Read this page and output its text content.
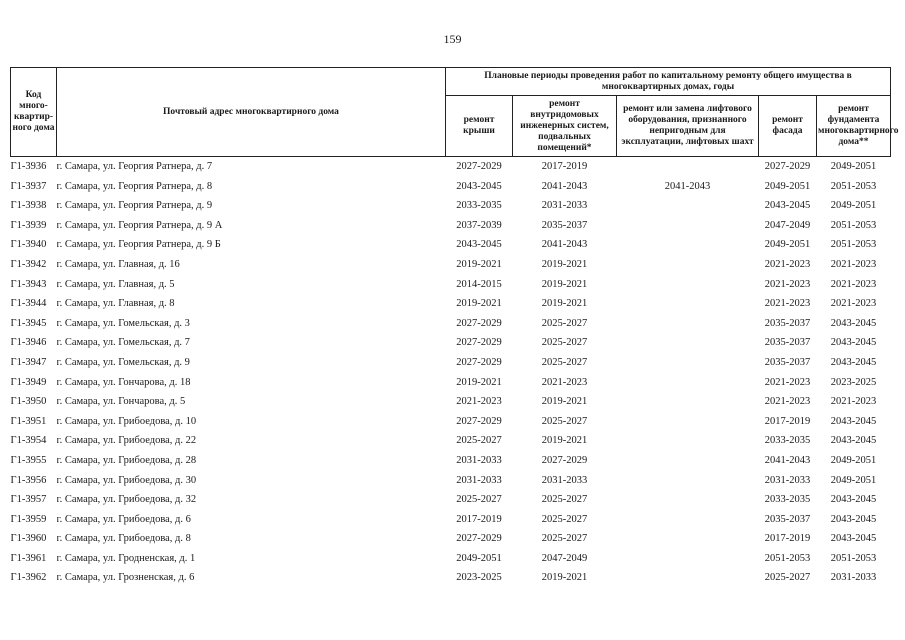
159
Код много-квартир-ного дома	Почтовый адрес многоквартирного дома	Плановые периоды проведения работ по капитальному ремонту общего имущества в многоквартирных домах, годы				
		ремонт крыши	ремонт внутридомовых инженерных систем, подвальных помещений*	ремонт или замена лифтового оборудования, признанного непригодным для эксплуатации, лифтовых шахт	ремонт фасада	ремонт фундамента многоквартирного дома**
Г1-3936	г. Самара, ул. Георгия Ратнера, д. 7	2027-2029	2017-2019		2027-2029	2049-2051
Г1-3937	г. Самара, ул. Георгия Ратнера, д. 8	2043-2045	2041-2043	2041-2043	2049-2051	2051-2053
Г1-3938	г. Самара, ул. Георгия Ратнера, д. 9	2033-2035	2031-2033		2043-2045	2049-2051
Г1-3939	г. Самара, ул. Георгия Ратнера, д. 9 А	2037-2039	2035-2037		2047-2049	2051-2053
Г1-3940	г. Самара, ул. Георгия Ратнера, д. 9 Б	2043-2045	2041-2043		2049-2051	2051-2053
Г1-3942	г. Самара, ул. Главная, д. 16	2019-2021	2019-2021		2021-2023	2021-2023
Г1-3943	г. Самара, ул. Главная, д. 5	2014-2015	2019-2021		2021-2023	2021-2023
Г1-3944	г. Самара, ул. Главная, д. 8	2019-2021	2019-2021		2021-2023	2021-2023
Г1-3945	г. Самара, ул. Гомельская, д. 3	2027-2029	2025-2027		2035-2037	2043-2045
Г1-3946	г. Самара, ул. Гомельская, д. 7	2027-2029	2025-2027		2035-2037	2043-2045
Г1-3947	г. Самара, ул. Гомельская, д. 9	2027-2029	2025-2027		2035-2037	2043-2045
Г1-3949	г. Самара, ул. Гончарова, д. 18	2019-2021	2021-2023		2021-2023	2023-2025
Г1-3950	г. Самара, ул. Гончарова, д. 5	2021-2023	2019-2021		2021-2023	2021-2023
Г1-3951	г. Самара, ул. Грибоедова, д. 10	2027-2029	2025-2027		2017-2019	2043-2045
Г1-3954	г. Самара, ул. Грибоедова, д. 22	2025-2027	2019-2021		2033-2035	2043-2045
Г1-3955	г. Самара, ул. Грибоедова, д. 28	2031-2033	2027-2029		2041-2043	2049-2051
Г1-3956	г. Самара, ул. Грибоедова, д. 30	2031-2033	2031-2033		2031-2033	2049-2051
Г1-3957	г. Самара, ул. Грибоедова, д. 32	2025-2027	2025-2027		2033-2035	2043-2045
Г1-3959	г. Самара, ул. Грибоедова, д. 6	2017-2019	2025-2027		2035-2037	2043-2045
Г1-3960	г. Самара, ул. Грибоедова, д. 8	2027-2029	2025-2027		2017-2019	2043-2045
Г1-3961	г. Самара, ул. Гродненская, д. 1	2049-2051	2047-2049		2051-2053	2051-2053
Г1-3962	г. Самара, ул. Грозненская, д. 6	2023-2025	2019-2021		2025-2027	2031-2033
